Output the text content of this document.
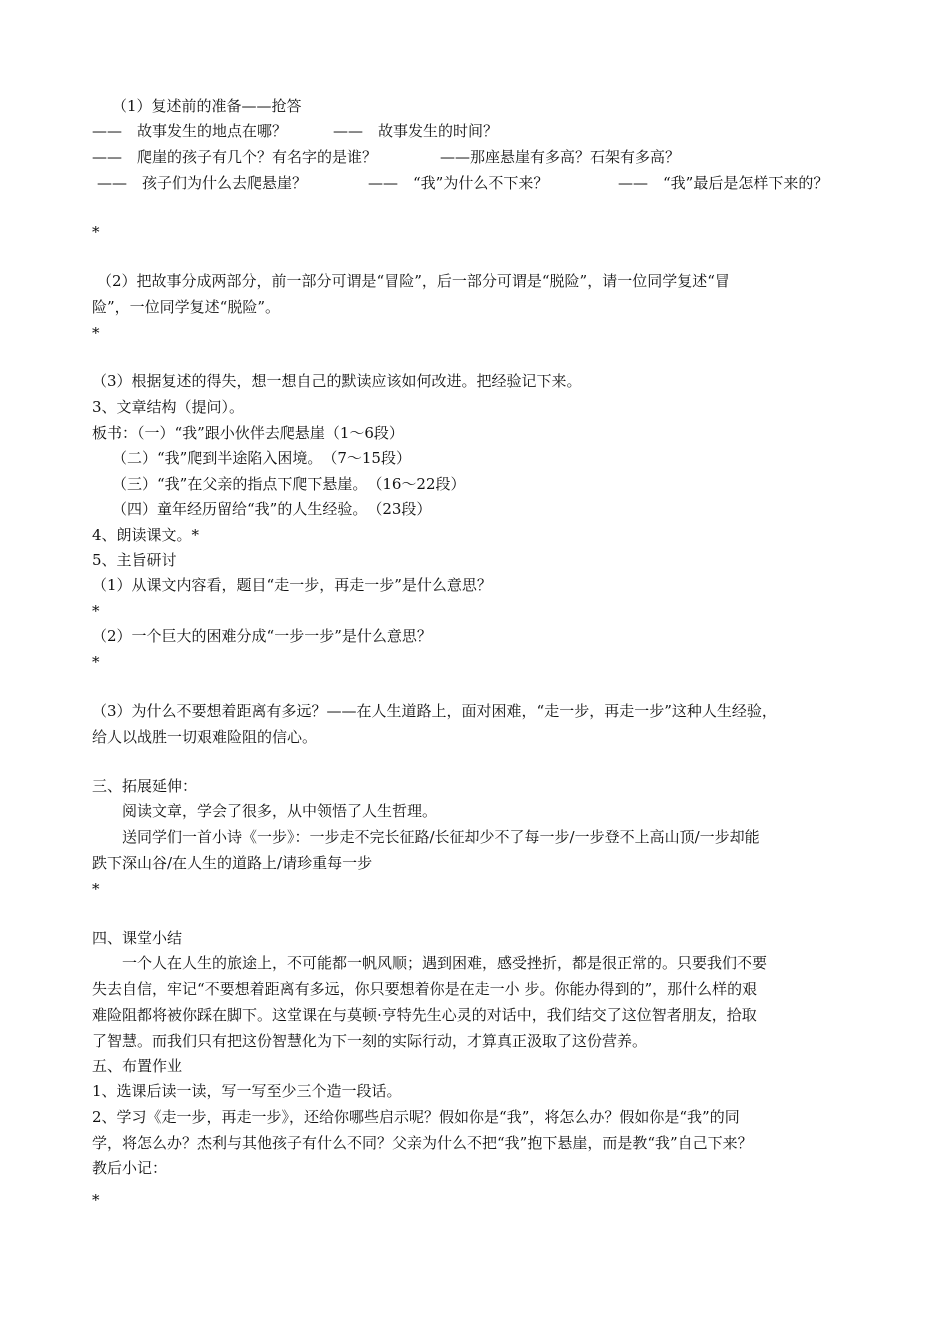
（1）复述前的准备——抢答
——　故事发生的地点在哪？	——　故事发生的时间？
——　爬崖的孩子有几个？有名字的是谁？	——那座悬崖有多高？石架有多高？
——　孩子们为什么去爬悬崖？	——　“我”为什么不下来？	——　“我”最后是怎样下来的？
*
（2）把故事分成两部分，前一部分可谓是“冒险”，后一部分可谓是“脱险”，请一位同学复述“冒
险”，一位同学复述“脱险”。
*
（3）根据复述的得失，想一想自己的默读应该如何改进。把经验记下来。
3、文章结构（提问）。
板书：（一）“我”跟小伙伴去爬悬崖（1～6段）
（二）“我”爬到半途陷入困境。　（7～15段）
（三）“我”在父亲的指点下爬下悬崖。　（16～22段）
（四）童年经历留给“我”的人生经验。　（23段）
4、朗读课文。*
5、主旨研讨
（1）从课文内容看，题目“走一步，再走一步”是什么意思？
*
（2）一个巨大的困难分成“一步一步”是什么意思？
*
（3）为什么不要想着距离有多远？——在人生道路上，面对困难，“走一步，再走一步”这种人生经验，
给人以战胜一切艰难险阻的信心。
三、拓展延伸：
阅读文章，学会了很多，从中领悟了人生哲理。
送同学们一首小诗《一步》：一步走不完长征路/长征却少不了每一步/一步登不上高山顶/一步却能
跌下深山谷/在人生的道路上/请珍重每一步
*
四、课堂小结
一个人在人生的旅途上，不可能都一帆风顺；遇到困难，感受挫折，都是很正常的。只要我们不要
失去自信，牢记“不要想着距离有多远，你只要想着你是在走一小 步。你能办得到的”，那什么样的艰
难险阻都将被你踩在脚下。这堂课在与莫顿·亨特先生心灵的对话中，我们结交了这位智者朋友，拾取
了智慧。而我们只有把这份智慧化为下一刻的实际行动，才算真正汲取了这份营养。
五、布置作业
1、选课后读一读，写一写至少三个造一段话。
2、学习《走一步，再走一步》，还给你哪些启示呢？假如你是“我”，将怎么办？假如你是“我”的同
学，将怎么办？杰利与其他孩子有什么不同？父亲为什么不把“我”抱下悬崖，而是教“我”自己下来？
教后小记：
*
